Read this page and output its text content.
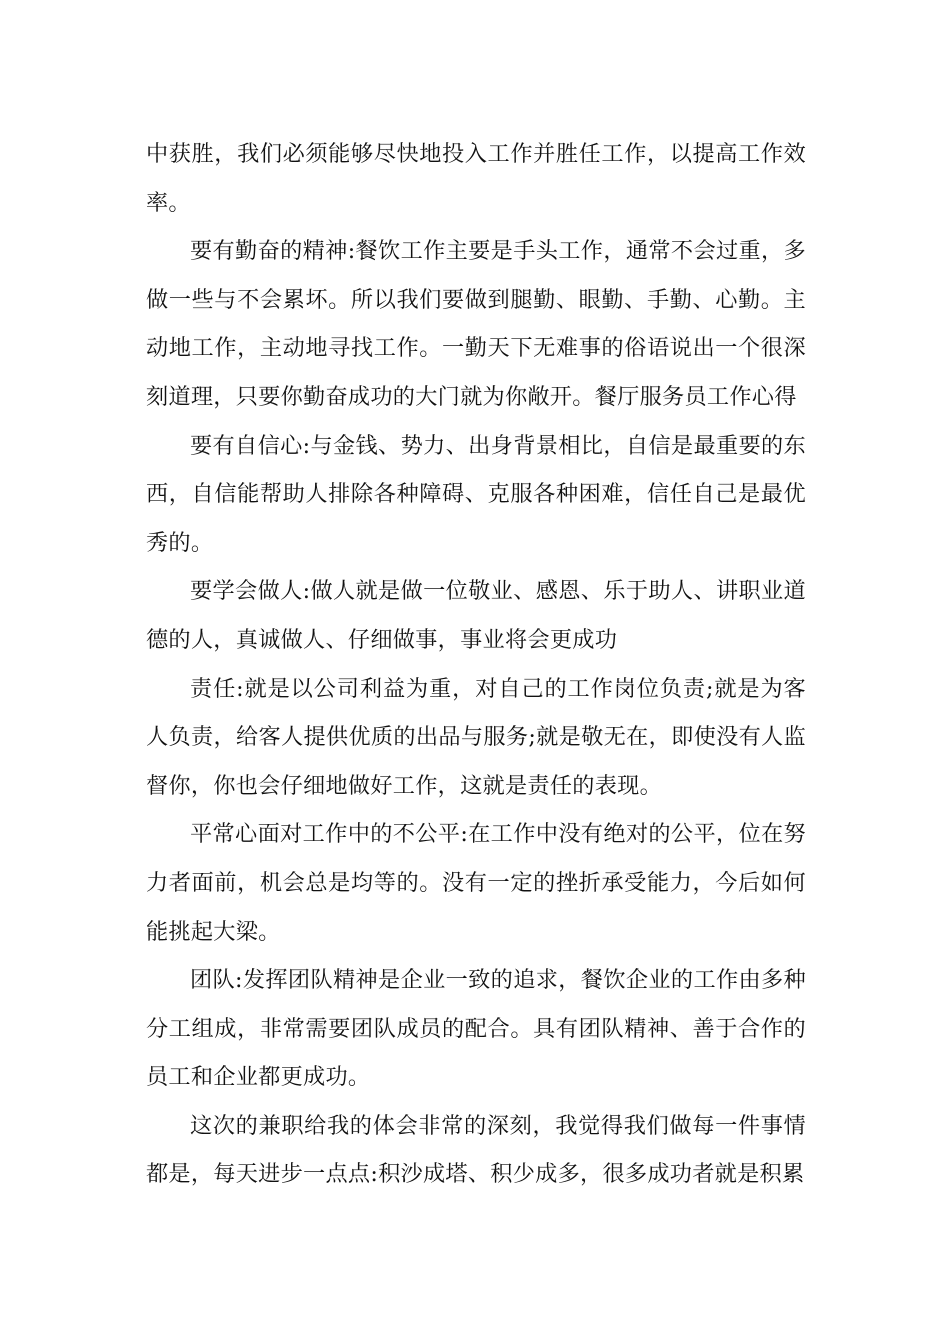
中获胜，我们必须能够尽快地投入工作并胜任工作，以提高工作效率。

要有勤奋的精神:餐饮工作主要是手头工作，通常不会过重，多做一些与不会累坏。所以我们要做到腿勤、眼勤、手勤、心勤。主动地工作，主动地寻找工作。一勤天下无难事的俗语说出一个很深刻道理，只要你勤奋成功的大门就为你敞开。餐厅服务员工作心得

要有自信心:与金钱、势力、出身背景相比，自信是最重要的东西，自信能帮助人排除各种障碍、克服各种困难，信任自己是最优秀的。

要学会做人:做人就是做一位敬业、感恩、乐于助人、讲职业道德的人，真诚做人、仔细做事，事业将会更成功

责任:就是以公司利益为重，对自己的工作岗位负责;就是为客人负责，给客人提供优质的出品与服务;就是敬无在，即使没有人监督你，你也会仔细地做好工作，这就是责任的表现。

平常心面对工作中的不公平:在工作中没有绝对的公平，位在努力者面前，机会总是均等的。没有一定的挫折承受能力，今后如何能挑起大梁。

团队:发挥团队精神是企业一致的追求，餐饮企业的工作由多种分工组成，非常需要团队成员的配合。具有团队精神、善于合作的员工和企业都更成功。

这次的兼职给我的体会非常的深刻，我觉得我们做每一件事情都是，每天进步一点点:积沙成塔、积少成多，很多成功者就是积累
